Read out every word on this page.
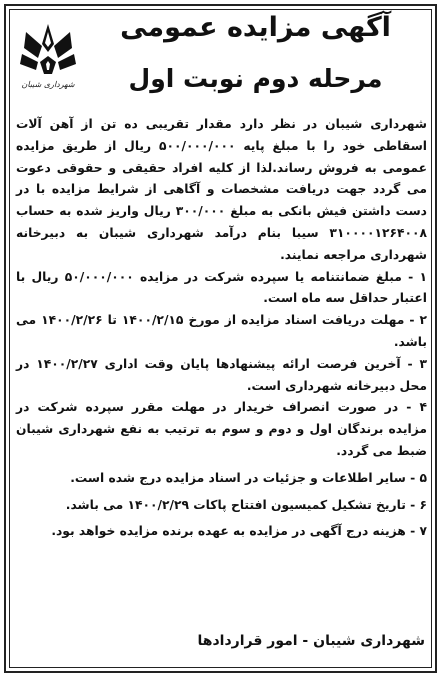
شهرداری شیبان
آگهی مزایده عمومی
مرحله دوم نوبت اول

شهرداری شیبان در نظر دارد مقدار تقریبی ده تن از آهن آلات اسقاطی خود را با مبلغ پایه ۵۰۰/۰۰۰/۰۰۰ ریال از طریق مزایده عمومی به فروش رساند.لذا از کلیه افراد حقیقی و حقوقی دعوت می گردد جهت دریافت مشخصات و آگاهی از شرایط مزایده با در دست داشتن فیش بانکی به مبلغ ۳۰۰/۰۰۰ ریال واریز شده به حساب ۳۱۰۰۰۰۱۲۶۴۰۰۸ سیبا بنام درآمد شهرداری شیبان به دبیرخانه شهرداری مراجعه نمایند.

۱ - مبلغ ضمانتنامه یا سپرده شرکت در مزایده ۵۰/۰۰۰/۰۰۰ ریال با اعتبار حداقل سه ماه است.

۲ - مهلت دریافت اسناد مزایده از مورخ ۱۴۰۰/۲/۱۵ تا ۱۴۰۰/۲/۲۶ می باشد.

۳ - آخرین فرصت ارائه پیشنهادها پایان وقت اداری ۱۴۰۰/۲/۲۷ در محل دبیرخانه شهرداری است.

۴ - در صورت انصراف خریدار در مهلت مقرر سپرده شرکت در مزایده برندگان اول و دوم و سوم به ترتیب به نفع شهرداری شیبان ضبط می گردد.

۵ - سایر اطلاعات و جزئیات در اسناد مزایده درج شده است.

۶ - تاریخ تشکیل کمیسیون افتتاح پاکات ۱۴۰۰/۲/۲۹ می باشد.

۷ - هزینه درج آگهی در مزایده به عهده برنده مزایده خواهد بود.

شهرداری شیبان - امور قراردادها
